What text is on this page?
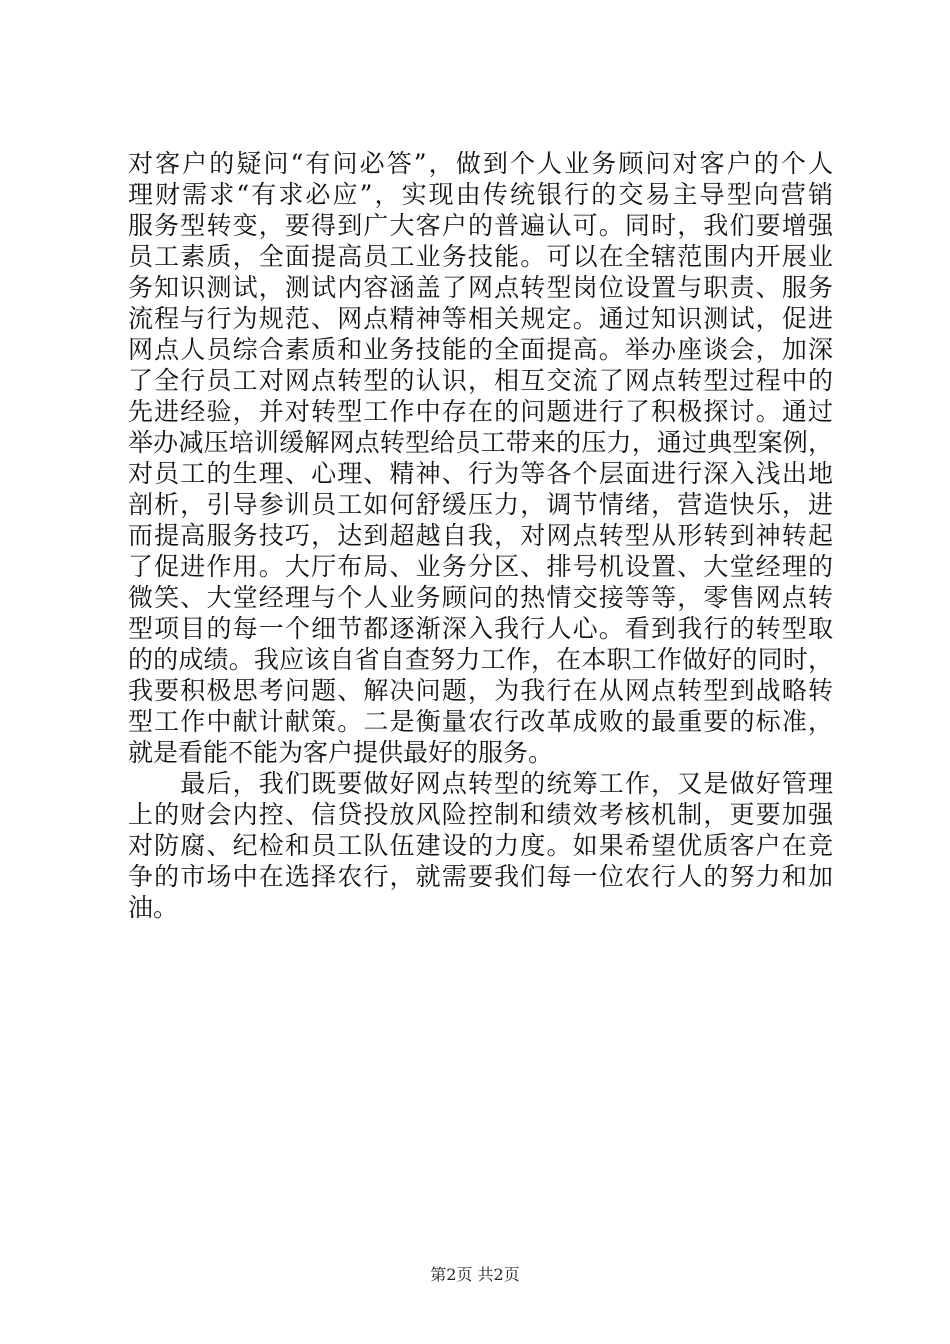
对客户的疑问“有问必答”，做到个人业务顾问对客户的个人
理财需求“有求必应”，实现由传统银行的交易主导型向营销
服务型转变，要得到广大客户的普遍认可。同时，我们要增强
员工素质，全面提高员工业务技能。可以在全辖范围内开展业
务知识测试，测试内容涵盖了网点转型岗位设置与职责、服务
流程与行为规范、网点精神等相关规定。通过知识测试，促进
网点人员综合素质和业务技能的全面提高。举办座谈会，加深
了全行员工对网点转型的认识，相互交流了网点转型过程中的
先进经验，并对转型工作中存在的问题进行了积极探讨。通过
举办减压培训缓解网点转型给员工带来的压力，通过典型案例，
对员工的生理、心理、精神、行为等各个层面进行深入浅出地
剖析，引导参训员工如何舒缓压力，调节情绪，营造快乐，进
而提高服务技巧，达到超越自我，对网点转型从形转到神转起
了促进作用。大厅布局、业务分区、排号机设置、大堂经理的
微笑、大堂经理与个人业务顾问的热情交接等等，零售网点转
型项目的每一个细节都逐渐深入我行人心。看到我行的转型取
的的成绩。我应该自省自查努力工作，在本职工作做好的同时，
我要积极思考问题、解决问题，为我行在从网点转型到战略转
型工作中献计献策。二是衡量农行改革成败的最重要的标准，
就是看能不能为客户提供最好的服务。
　　最后，我们既要做好网点转型的统筹工作，又是做好管理
上的财会内控、信贷投放风险控制和绩效考核机制，更要加强
对防腐、纪检和员工队伍建设的力度。如果希望优质客户在竞
争的市场中在选择农行，就需要我们每一位农行人的努力和加
油。
第2页 共2页
